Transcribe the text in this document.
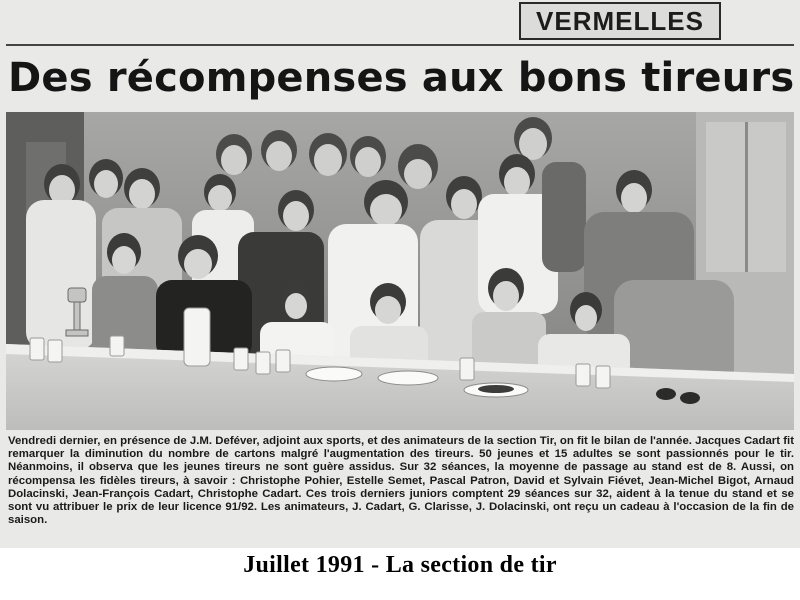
VERMELLES
Des récompenses aux bons tireurs
Vendredi dernier, en présence de J.M. Deféver, adjoint aux sports, et des animateurs de la section Tir, on fit le bilan de l'année. Jacques Cadart fit remarquer la diminution du nombre de cartons malgré l'augmentation des tireurs. 50 jeunes et 15 adultes se sont passionnés pour le tir. Néanmoins, il observa que les jeunes tireurs ne sont guère assidus. Sur 32 séances, la moyenne de passage au stand est de 8. Aussi, on récompensa les fidèles tireurs, à savoir : Christophe Pohier, Estelle Semet, Pascal Patron, David et Sylvain Fiévet, Jean-Michel Bigot, Arnaud Dolacinski, Jean-François Cadart, Christophe Cadart. Ces trois derniers juniors comptent 29 séances sur 32, aident à la tenue du stand et se sont vu attribuer le prix de leur licence 91/92. Les animateurs, J. Cadart, G. Clarisse, J. Dolacinski, ont reçu un cadeau à l'occasion de la fin de saison.
Juillet 1991 - La section de tir
